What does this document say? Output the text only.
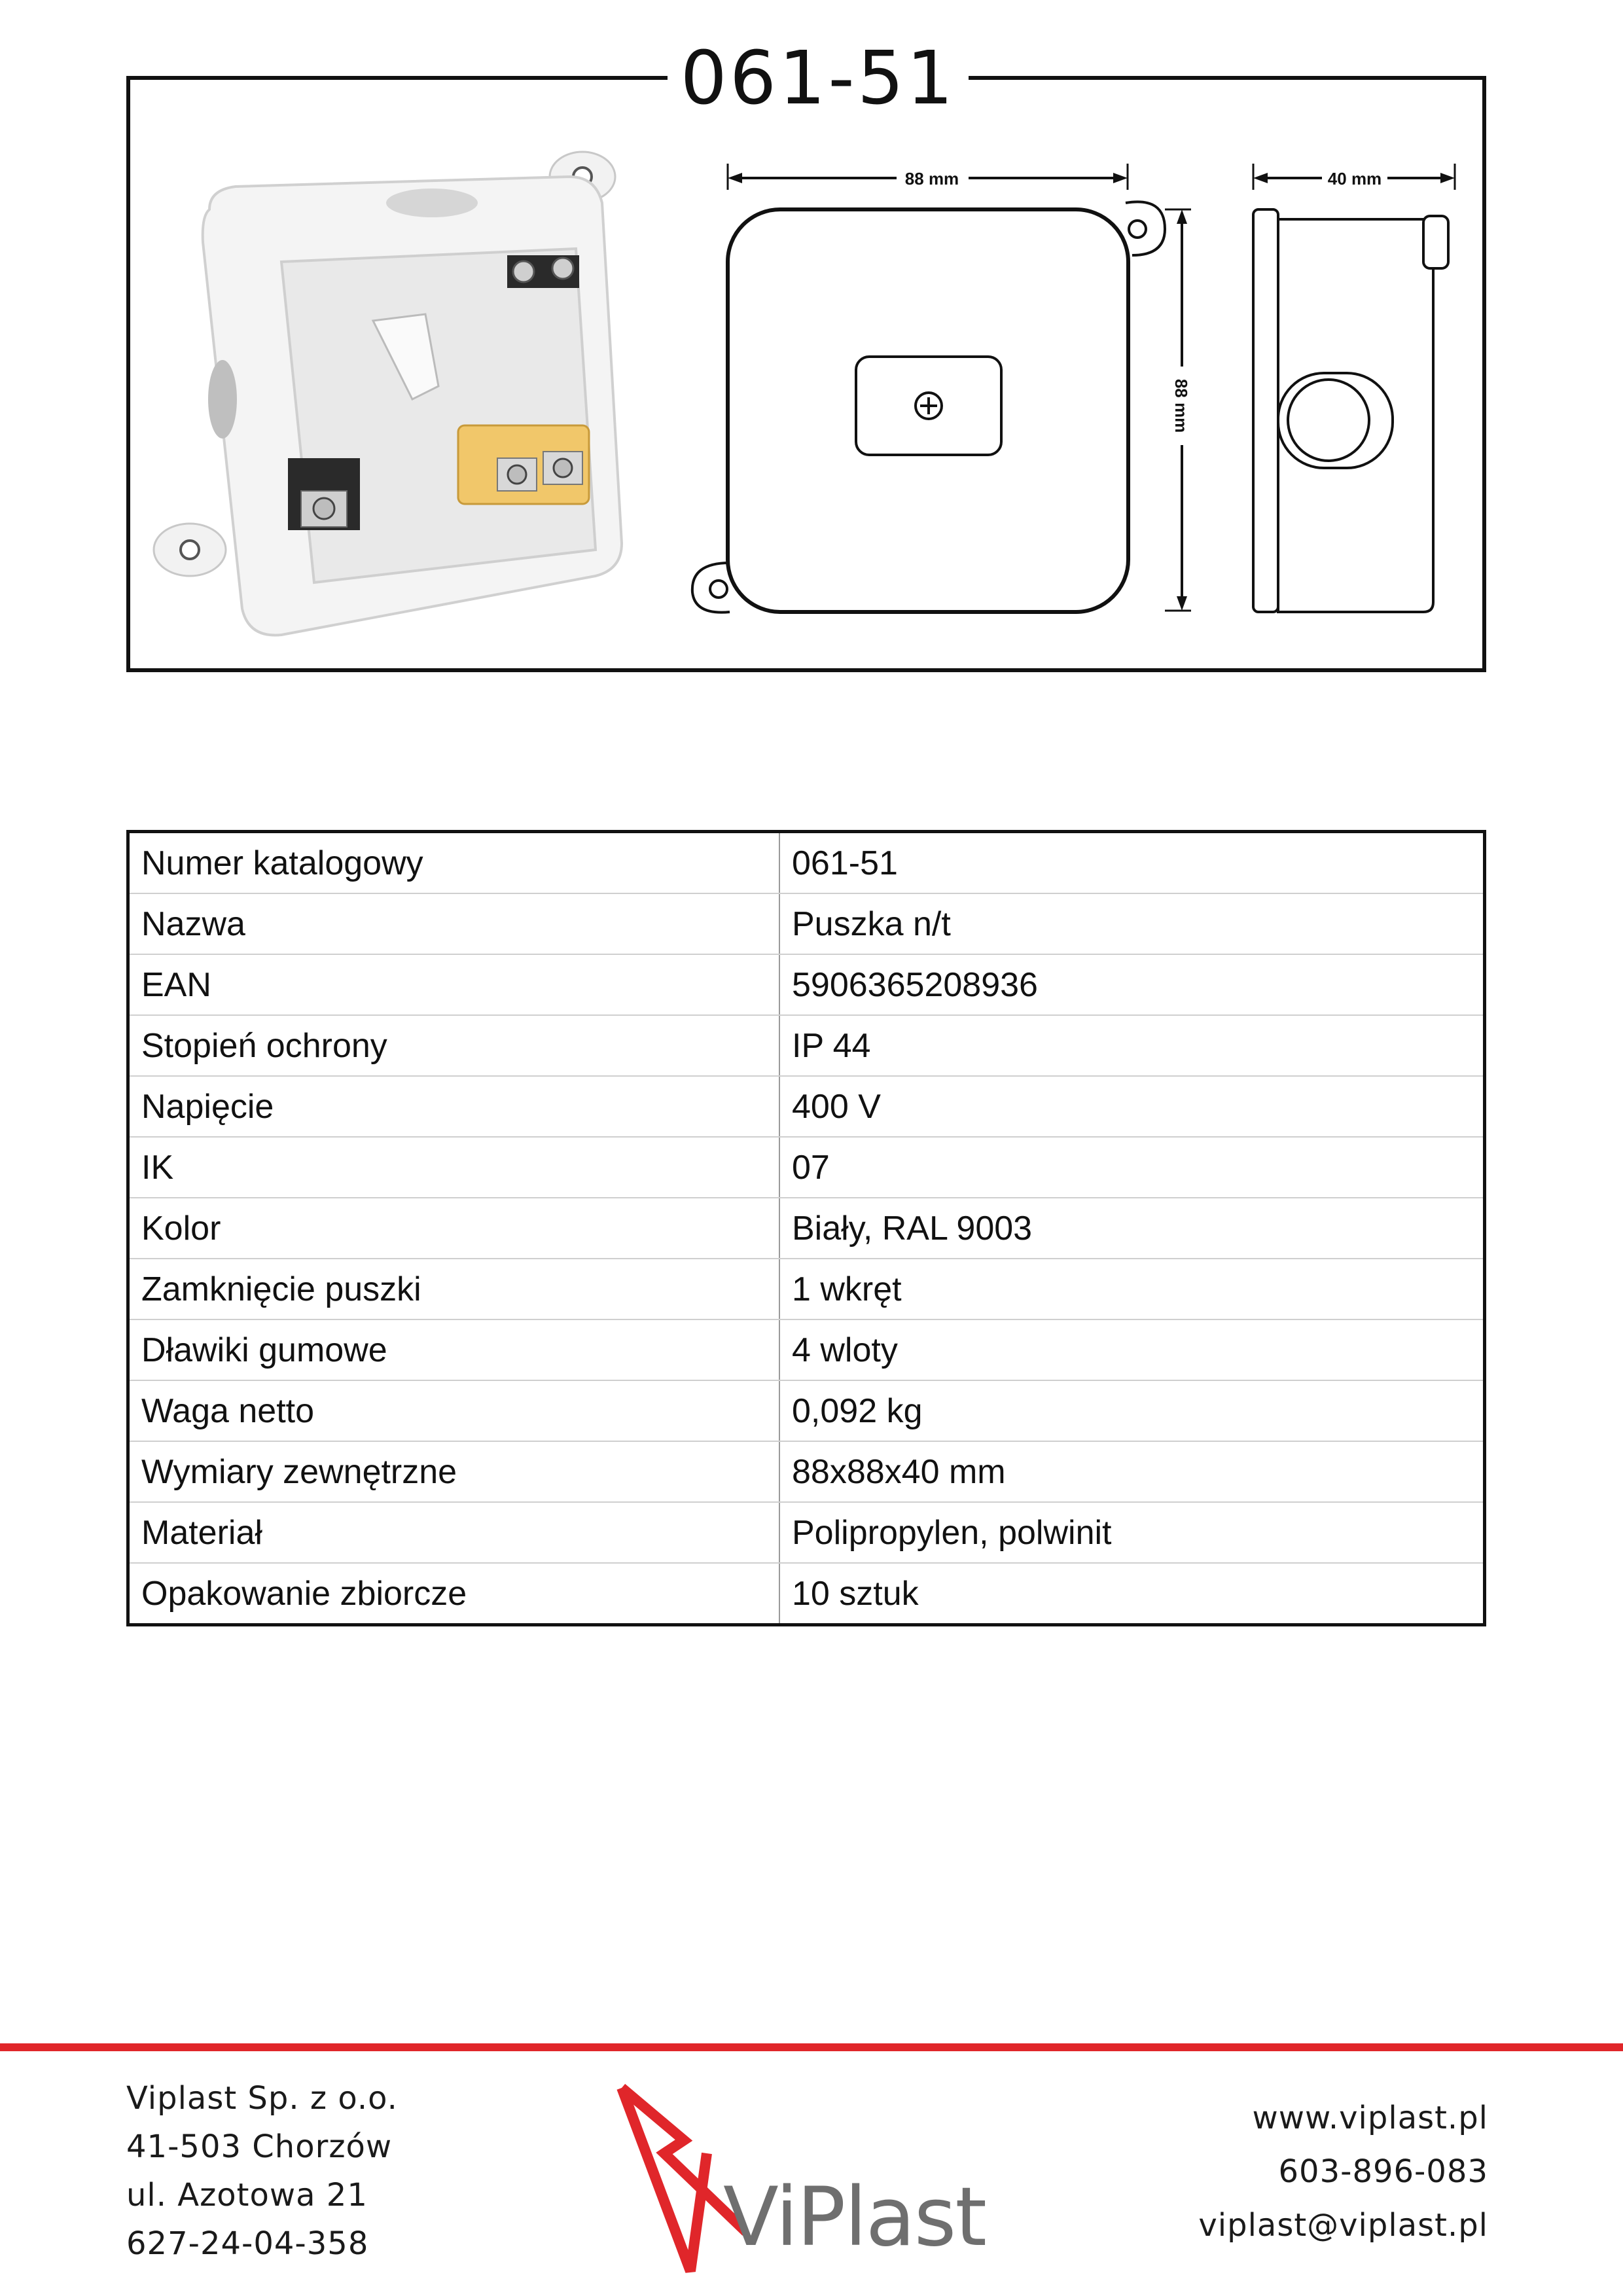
061-51
88 mm
88 mm
40 mm
Numer katalogowy	061-51
Nazwa	Puszka n/t
EAN	5906365208936
Stopień ochrony	IP 44
Napięcie	400 V
IK	07
Kolor	Biały, RAL 9003
Zamknięcie puszki	1 wkręt
Dławiki gumowe	4 wloty
Waga netto	0,092 kg
Wymiary zewnętrzne	88x88x40 mm
Materiał	Polipropylen, polwinit
Opakowanie zbiorcze	10 sztuk
Viplast Sp. z o.o.
41-503 Chorzów
ul. Azotowa 21
627-24-04-358	ViPlast
www.viplast.pl
603-896-083
viplast@viplast.pl
